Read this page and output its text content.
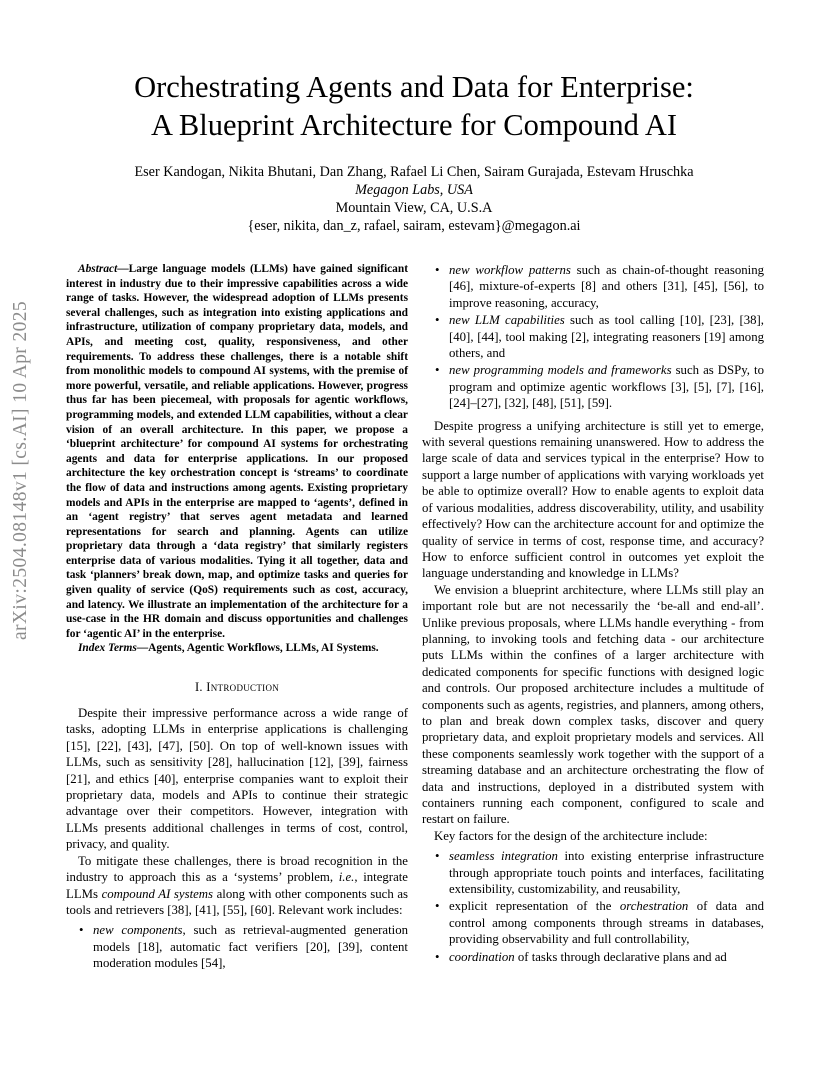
arXiv:2504.08148v1 [cs.AI] 10 Apr 2025
Orchestrating Agents and Data for Enterprise:
A Blueprint Architecture for Compound AI
Eser Kandogan, Nikita Bhutani, Dan Zhang, Rafael Li Chen, Sairam Gurajada, Estevam Hruschka
Megagon Labs, USA
Mountain View, CA, U.S.A
{eser, nikita, dan_z, rafael, sairam, estevam}@megagon.ai

Abstract—Large language models (LLMs) have gained significant interest in industry due to their impressive capabilities across a wide range of tasks. However, the widespread adoption of LLMs presents several challenges, such as integration into existing applications and infrastructure, utilization of company proprietary data, models, and APIs, and meeting cost, quality, responsiveness, and other requirements. To address these challenges, there is a notable shift from monolithic models to compound AI systems, with the premise of more powerful, versatile, and reliable applications. However, progress thus far has been piecemeal, with proposals for agentic workflows, programming models, and extended LLM capabilities, without a clear vision of an overall architecture. In this paper, we propose a ‘blueprint architecture’ for compound AI systems for orchestrating agents and data for enterprise applications. In our proposed architecture the key orchestration concept is ‘streams’ to coordinate the flow of data and instructions among agents. Existing proprietary models and APIs in the enterprise are mapped to ‘agents’, defined in an ‘agent registry’ that serves agent metadata and learned representations for search and planning. Agents can utilize proprietary data through a ‘data registry’ that similarly registers enterprise data of various modalities. Tying it all together, data and task ‘planners’ break down, map, and optimize tasks and queries for given quality of service (QoS) requirements such as cost, accuracy, and latency. We illustrate an implementation of the architecture for a use-case in the HR domain and discuss opportunities and challenges for ‘agentic AI’ in the enterprise.

Index Terms—Agents, Agentic Workflows, LLMs, AI Systems.

I. Introduction

Despite their impressive performance across a wide range of tasks, adopting LLMs in enterprise applications is challenging [15], [22], [43], [47], [50]. On top of well-known issues with LLMs, such as sensitivity [28], hallucination [12], [39], fairness [21], and ethics [40], enterprise companies want to exploit their proprietary data, models and APIs to continue their strategic advantage over their competitors. However, integration with LLMs presents additional challenges in terms of cost, control, privacy, and quality.

To mitigate these challenges, there is broad recognition in the industry to approach this as a ‘systems’ problem, i.e., integrate LLMs compound AI systems along with other components such as tools and retrievers [38], [41], [55], [60]. Relevant work includes:

• new components, such as retrieval-augmented generation models [18], automatic fact verifiers [20], [39], content moderation modules [54],
• new workflow patterns such as chain-of-thought reasoning [46], mixture-of-experts [8] and others [31], [45], [56], to improve reasoning, accuracy,
• new LLM capabilities such as tool calling [10], [23], [38], [40], [44], tool making [2], integrating reasoners [19] among others, and
• new programming models and frameworks such as DSPy, to program and optimize agentic workflows [3], [5], [7], [16], [24]–[27], [32], [48], [51], [59].

Despite progress a unifying architecture is still yet to emerge, with several questions remaining unanswered. How to address the large scale of data and services typical in the enterprise? How to support a large number of applications with varying workloads yet be able to optimize overall? How to enable agents to exploit data of various modalities, address discoverability, utility, and usability effectively? How can the architecture account for and optimize the quality of service in terms of cost, response time, and accuracy? How to enforce sufficient control in outcomes yet exploit the language understanding and knowledge in LLMs?

We envision a blueprint architecture, where LLMs still play an important role but are not necessarily the ‘be-all and end-all’. Unlike previous proposals, where LLMs handle everything - from planning, to invoking tools and fetching data - our architecture puts LLMs within the confines of a larger architecture with dedicated components for specific functions with designed logic and controls. Our proposed architecture includes a multitude of components such as agents, registries, and planners, among others, to plan and break down complex tasks, discover and query proprietary data, and exploit proprietary models and services. All these components seamlessly work together with the support of a streaming database and an architecture orchestrating the flow of data and instructions, deployed in a distributed system with containers running each component, configured to scale and restart on failure.

Key factors for the design of the architecture include:

• seamless integration into existing enterprise infrastructure through appropriate touch points and interfaces, facilitating extensibility, customizability, and reusability,
• explicit representation of the orchestration of data and control among components through streams in databases, providing observability and full controllability,
• coordination of tasks through declarative plans and ad
